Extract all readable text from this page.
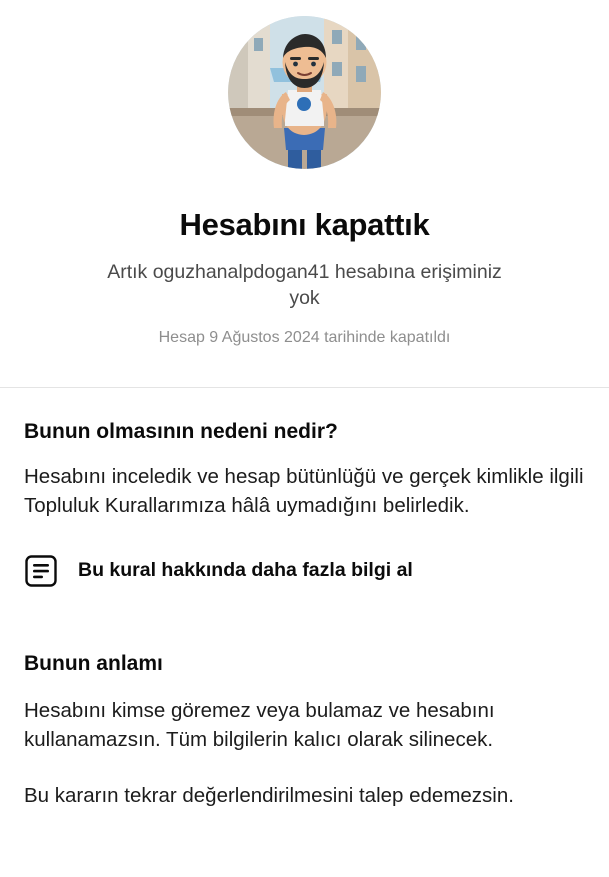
Hesabını kapattık
Artık oguzhanalpdogan41 hesabına erişiminiz yok
Hesap 9 Ağustos 2024 tarihinde kapatıldı
Bunun olmasının nedeni nedir?
Hesabını inceledik ve hesap bütünlüğü ve gerçek kimlikle ilgili Topluluk Kurallarımıza hâlâ uymadığını belirledik.
Bu kural hakkında daha fazla bilgi al
Bunun anlamı
Hesabını kimse göremez veya bulamaz ve hesabını kullanamazsın. Tüm bilgilerin kalıcı olarak silinecek.
Bu kararın tekrar değerlendirilmesini talep edemezsin.
